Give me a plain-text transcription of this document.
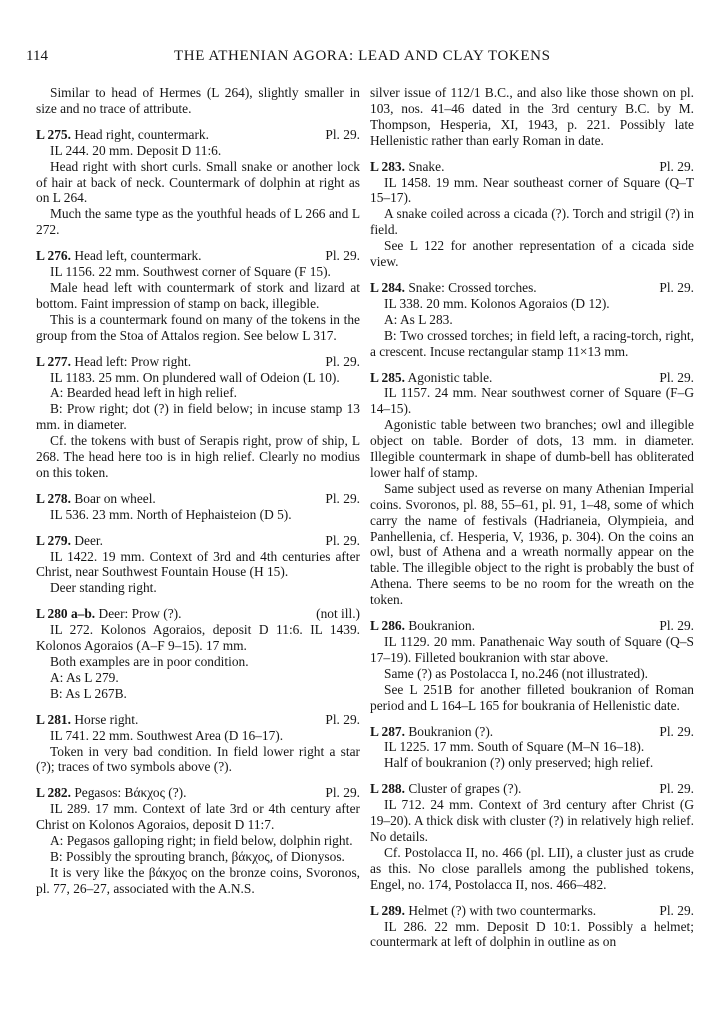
114	THE ATHENIAN AGORA: LEAD AND CLAY TOKENS

Similar to head of Hermes (L 264), slightly smaller in size and no trace of attribute.

L 275. Head right, countermark.	Pl. 29.

IL 244. 20 mm. Deposit D 11:6.

Head right with short curls. Small snake or another lock of hair at back of neck. Countermark of dolphin at right as on L 264.

Much the same type as the youthful heads of L 266 and L 272.

L 276. Head left, countermark.	Pl. 29.

IL 1156. 22 mm. Southwest corner of Square (F 15).

Male head left with countermark of stork and lizard at bottom. Faint impression of stamp on back, illegible.

This is a countermark found on many of the tokens in the group from the Stoa of Attalos region. See below L 317.

L 277. Head left: Prow right.	Pl. 29.

IL 1183. 25 mm. On plundered wall of Odeion (L 10).

A: Bearded head left in high relief.

B: Prow right; dot (?) in field below; in incuse stamp 13 mm. in diameter.

Cf. the tokens with bust of Serapis right, prow of ship, L 268. The head here too is in high relief. Clearly no modius on this token.

L 278. Boar on wheel.	Pl. 29.

IL 536. 23 mm. North of Hephaisteion (D 5).

L 279. Deer.	Pl. 29.

IL 1422. 19 mm. Context of 3rd and 4th centuries after Christ, near Southwest Fountain House (H 15).

Deer standing right.

L 280 a–b. Deer: Prow (?).	(not ill.)

IL 272. Kolonos Agoraios, deposit D 11:6. IL 1439. Kolonos Agoraios (A–F 9–15). 17 mm.

Both examples are in poor condition.

A: As L 279.

B: As L 267B.

L 281. Horse right.	Pl. 29.

IL 741. 22 mm. Southwest Area (D 16–17).

Token in very bad condition. In field lower right a star (?); traces of two symbols above (?).

L 282. Pegasos: Βάκχος (?).	Pl. 29.

IL 289. 17 mm. Context of late 3rd or 4th century after Christ on Kolonos Agoraios, deposit D 11:7.

A: Pegasos galloping right; in field below, dolphin right.

B: Possibly the sprouting branch, βάκχος, of Dionysos.

It is very like the βάκχος on the bronze coins, Svoronos, pl. 77, 26–27, associated with the A.N.S.

silver issue of 112/1 B.C., and also like those shown on pl. 103, nos. 41–46 dated in the 3rd century B.C. by M. Thompson, Hesperia, XI, 1943, p. 221. Possibly late Hellenistic rather than early Roman in date.

L 283. Snake.	Pl. 29.

IL 1458. 19 mm. Near southeast corner of Square (Q–T 15–17).

A snake coiled across a cicada (?). Torch and strigil (?) in field.

See L 122 for another representation of a cicada side view.

L 284. Snake: Crossed torches.	Pl. 29.

IL 338. 20 mm. Kolonos Agoraios (D 12).

A: As L 283.

B: Two crossed torches; in field left, a racing-torch, right, a crescent. Incuse rectangular stamp 11×13 mm.

L 285. Agonistic table.	Pl. 29.

IL 1157. 24 mm. Near southwest corner of Square (F–G 14–15).

Agonistic table between two branches; owl and illegible object on table. Border of dots, 13 mm. in diameter. Illegible countermark in shape of dumb-bell has obliterated lower half of stamp.

Same subject used as reverse on many Athenian Imperial coins. Svoronos, pl. 88, 55–61, pl. 91, 1–48, some of which carry the name of festivals (Hadrianeia, Olympieia, and Panhellenia, cf. Hesperia, V, 1936, p. 304). On the coins an owl, bust of Athena and a wreath normally appear on the table. The illegible object to the right is probably the bust of Athena. There seems to be no room for the wreath on the token.

L 286. Boukranion.	Pl. 29.

IL 1129. 20 mm. Panathenaic Way south of Square (Q–S 17–19). Filleted boukranion with star above.

Same (?) as Postolacca I, no.246 (not illustrated).

See L 251B for another filleted boukranion of Roman period and L 164–L 165 for boukrania of Hellenistic date.

L 287. Boukranion (?).	Pl. 29.

IL 1225. 17 mm. South of Square (M–N 16–18).

Half of boukranion (?) only preserved; high relief.

L 288. Cluster of grapes (?).	Pl. 29.

IL 712. 24 mm. Context of 3rd century after Christ (G 19–20). A thick disk with cluster (?) in relatively high relief. No details.

Cf. Postolacca II, no. 466 (pl. LII), a cluster just as crude as this. No close parallels among the published tokens, Engel, no. 174, Postolacca II, nos. 466–482.

L 289. Helmet (?) with two countermarks.	Pl. 29.

IL 286. 22 mm. Deposit D 10:1. Possibly a helmet; countermark at left of dolphin in outline as on
